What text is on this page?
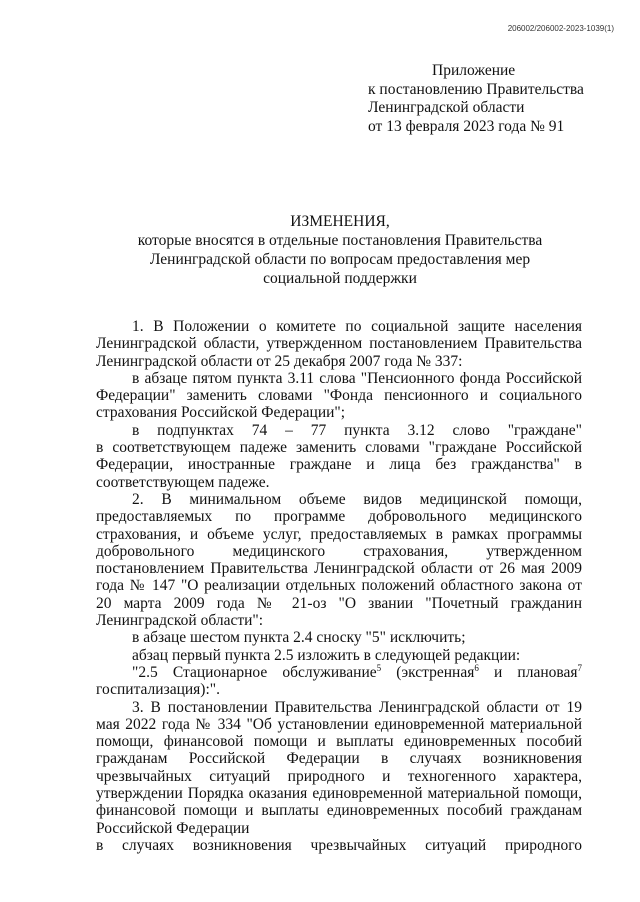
206002/206002-2023-1039(1)
Приложение
к постановлению Правительства
Ленинградской области
от 13 февраля 2023 года № 91
ИЗМЕНЕНИЯ,
которые вносятся в отдельные постановления Правительства
Ленинградской области по вопросам предоставления мер
социальной поддержки
1. В Положении о комитете по социальной защите населения Ленинградской области, утвержденном постановлением Правительства Ленинградской области от 25 декабря 2007 года № 337:
в абзаце пятом пункта 3.11 слова "Пенсионного фонда Российской Федерации" заменить словами "Фонда пенсионного и социального страхования Российской Федерации";
в подпунктах 74 – 77 пункта 3.12 слово "граждане"
в соответствующем падеже заменить словами "граждане Российской Федерации, иностранные граждане и лица без гражданства" в соответствующем падеже.
2. В минимальном объеме видов медицинской помощи, предоставляемых по программе добровольного медицинского страхования, и объеме услуг, предоставляемых в рамках программы добровольного медицинского страхования, утвержденном постановлением Правительства Ленинградской области от 26 мая 2009 года № 147 "О реализации отдельных положений областного закона от 20 марта 2009 года № 21-оз "О звании "Почетный гражданин Ленинградской области":
в абзаце шестом пункта 2.4 сноску "5" исключить;
абзац первый пункта 2.5 изложить в следующей редакции:
"2.5 Стационарное обслуживание$^5$ (экстренная$^6$ и плановая$^7$ госпитализация):".
3. В постановлении Правительства Ленинградской области от 19 мая 2022 года № 334 "Об установлении единовременной материальной помощи, финансовой помощи и выплаты единовременных пособий гражданам Российской Федерации в случаях возникновения чрезвычайных ситуаций природного и техногенного характера, утверждении Порядка оказания единовременной материальной помощи, финансовой помощи и выплаты единовременных пособий гражданам Российской Федерации
в случаях возникновения чрезвычайных ситуаций природного
